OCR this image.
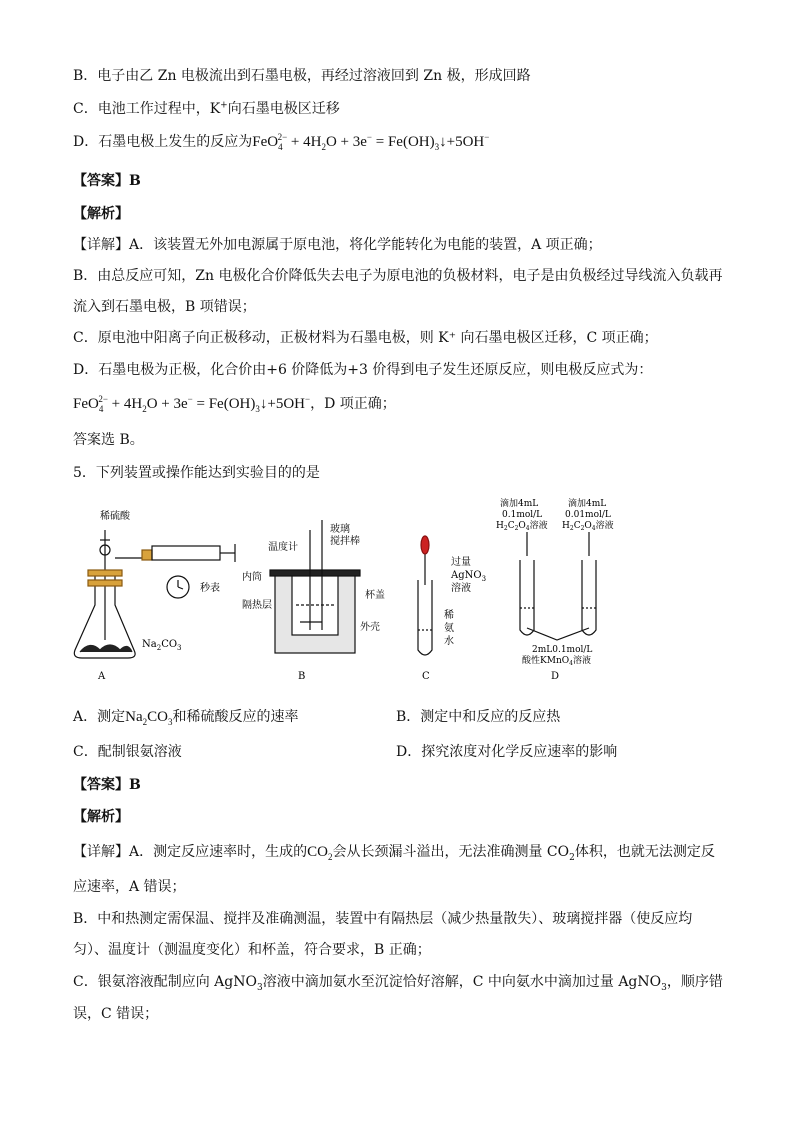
B．电子由乙 Zn 电极流出到石墨电极，再经过溶液回到 Zn 极，形成回路
C．电池工作过程中，K+向石墨电极区迁移
D．石墨电极上发生的反应为$FeO_4^{2-} + 4H_2O + 3e^-$ = $Fe(OH)_3↓+5OH^-$
【答案】B
【解析】
【详解】A．该装置无外加电源属于原电池，将化学能转化为电能的装置，A 项正确；
B．由总反应可知，Zn 电极化合价降低失去电子为原电池的负极材料，电子是由负极经过导线流入负载再
流入到石墨电极，B 项错误；
C．原电池中阳离子向正极移动，正极材料为石墨电极，则 K⁺ 向石墨电极区迁移，C 项正确；
D．石墨电极为正极，化合价由+6 价降低为+3 价得到电子发生还原反应，则电极反应式为：
$FeO_4^{2-} + 4H_2O + 3e^-$ = $Fe(OH)_3↓+5OH^-$，D 项正确；
答案选 B。
5．下列装置或操作能达到实验目的的是
稀硫酸
秒表
$Na_2CO_3$
A
温度计
玻璃
搅拌棒
内筒
杯盖
隔热层
外壳
B
过量
AgNO$_3$
溶液
稀
氨
水
C
滴加4mL
0.1mol/L
$H_2C_2O_4$溶液
滴加4mL
0.01mol/L
$H_2C_2O_4$溶液
2mL0.1mol/L
酸性KMnO$_4$溶液
D
A．测定$Na_2CO_3$和稀硫酸反应的速率	B．测定中和反应的反应热
C．配制银氨溶液	D．探究浓度对化学反应速率的影响
【答案】B
【解析】
【详解】A．测定反应速率时，生成的$CO_2$会从长颈漏斗溢出，无法准确测量 $CO_2$体积，也就无法测定反
应速率，A 错误；
B．中和热测定需保温、搅拌及准确测温，装置中有隔热层（减少热量散失）、玻璃搅拌器（使反应均
匀）、温度计（测温度变化）和杯盖，符合要求，B 正确；
C．银氨溶液配制应向 AgNO$_3$溶液中滴加氨水至沉淀恰好溶解，C 中向氨水中滴加过量 AgNO$_3$，顺序错
误，C 错误；
